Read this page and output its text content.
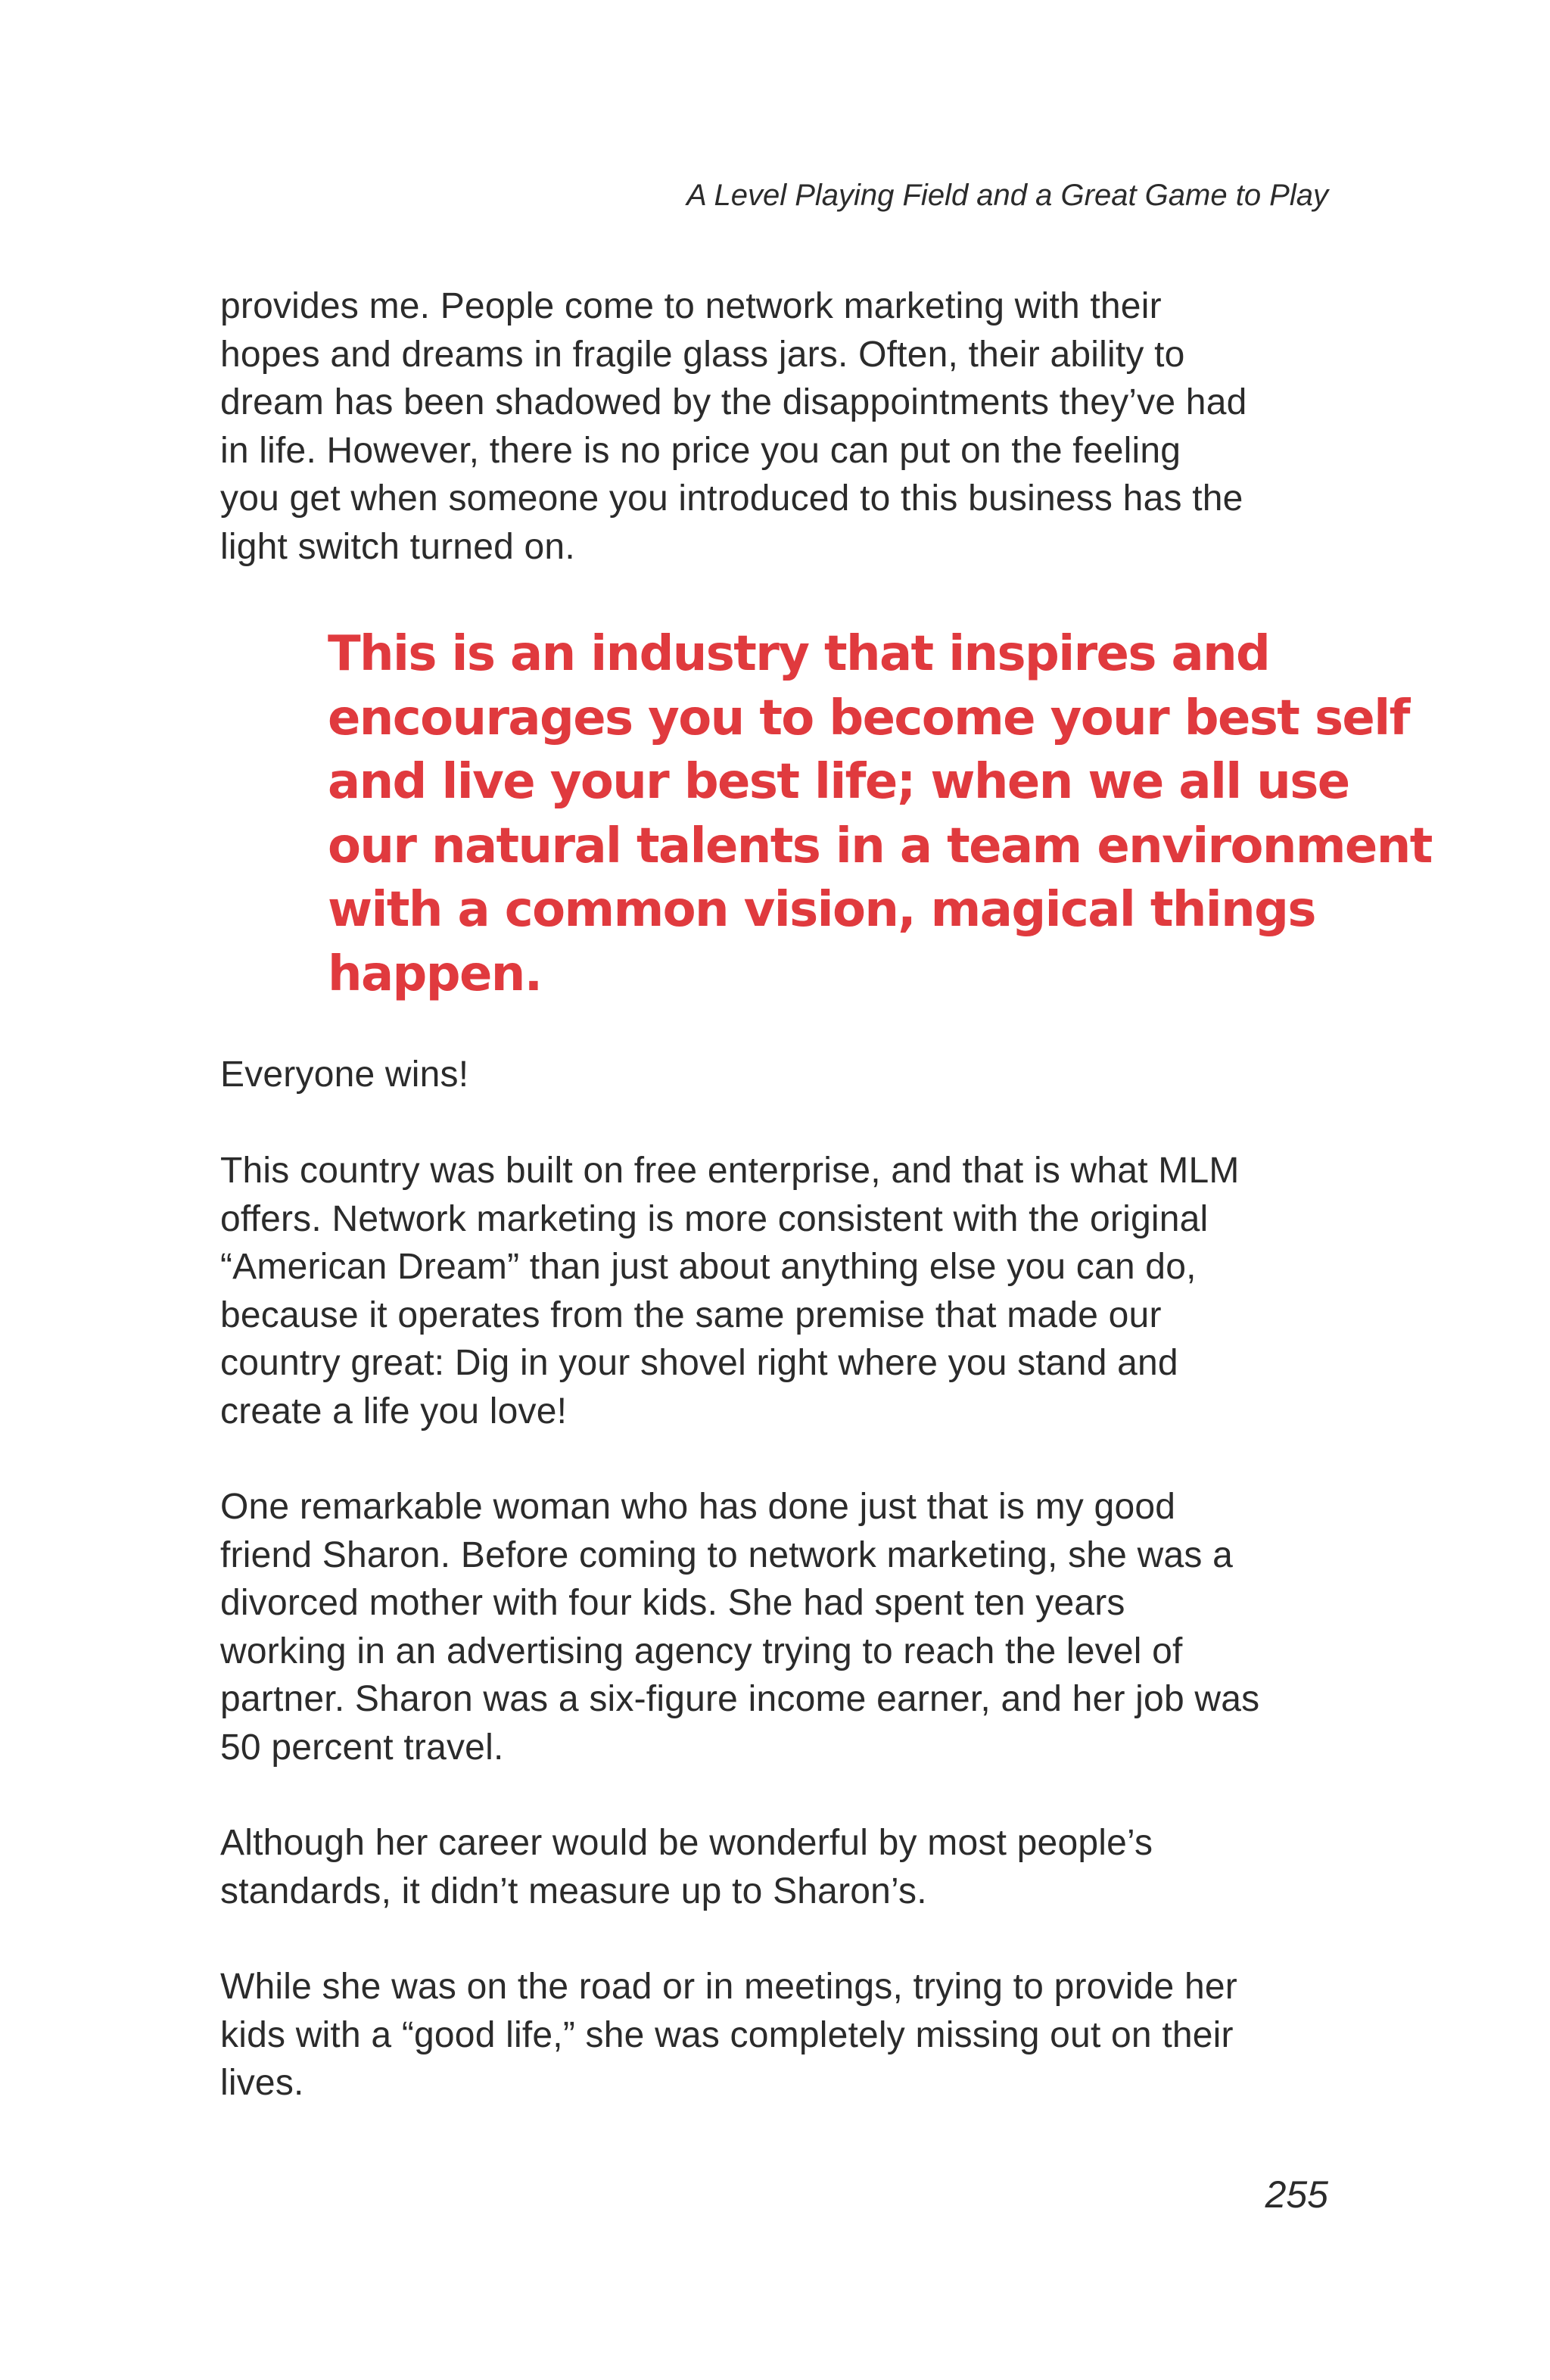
A Level Playing Field and a Great Game to Play
provides me. People come to network marketing with their
hopes and dreams in fragile glass jars. Often, their ability to
dream has been shadowed by the disappointments they’ve had
in life. However, there is no price you can put on the feeling
you get when someone you introduced to this business has the
light switch turned on.
This is an industry that inspires and
encourages you to become your best self
and live your best life; when we all use
our natural talents in a team environment
with a common vision, magical things
happen.
Everyone wins!
This country was built on free enterprise, and that is what MLM
offers. Network marketing is more consistent with the original
“American Dream” than just about anything else you can do,
because it operates from the same premise that made our
country great: Dig in your shovel right where you stand and
create a life you love!
One remarkable woman who has done just that is my good
friend Sharon. Before coming to network marketing, she was a
divorced mother with four kids. She had spent ten years
working in an advertising agency trying to reach the level of
partner. Sharon was a six-figure income earner, and her job was
50 percent travel.
Although her career would be wonderful by most people’s
standards, it didn’t measure up to Sharon’s.
While she was on the road or in meetings, trying to provide her
kids with a “good life,” she was completely missing out on their
lives.
255
